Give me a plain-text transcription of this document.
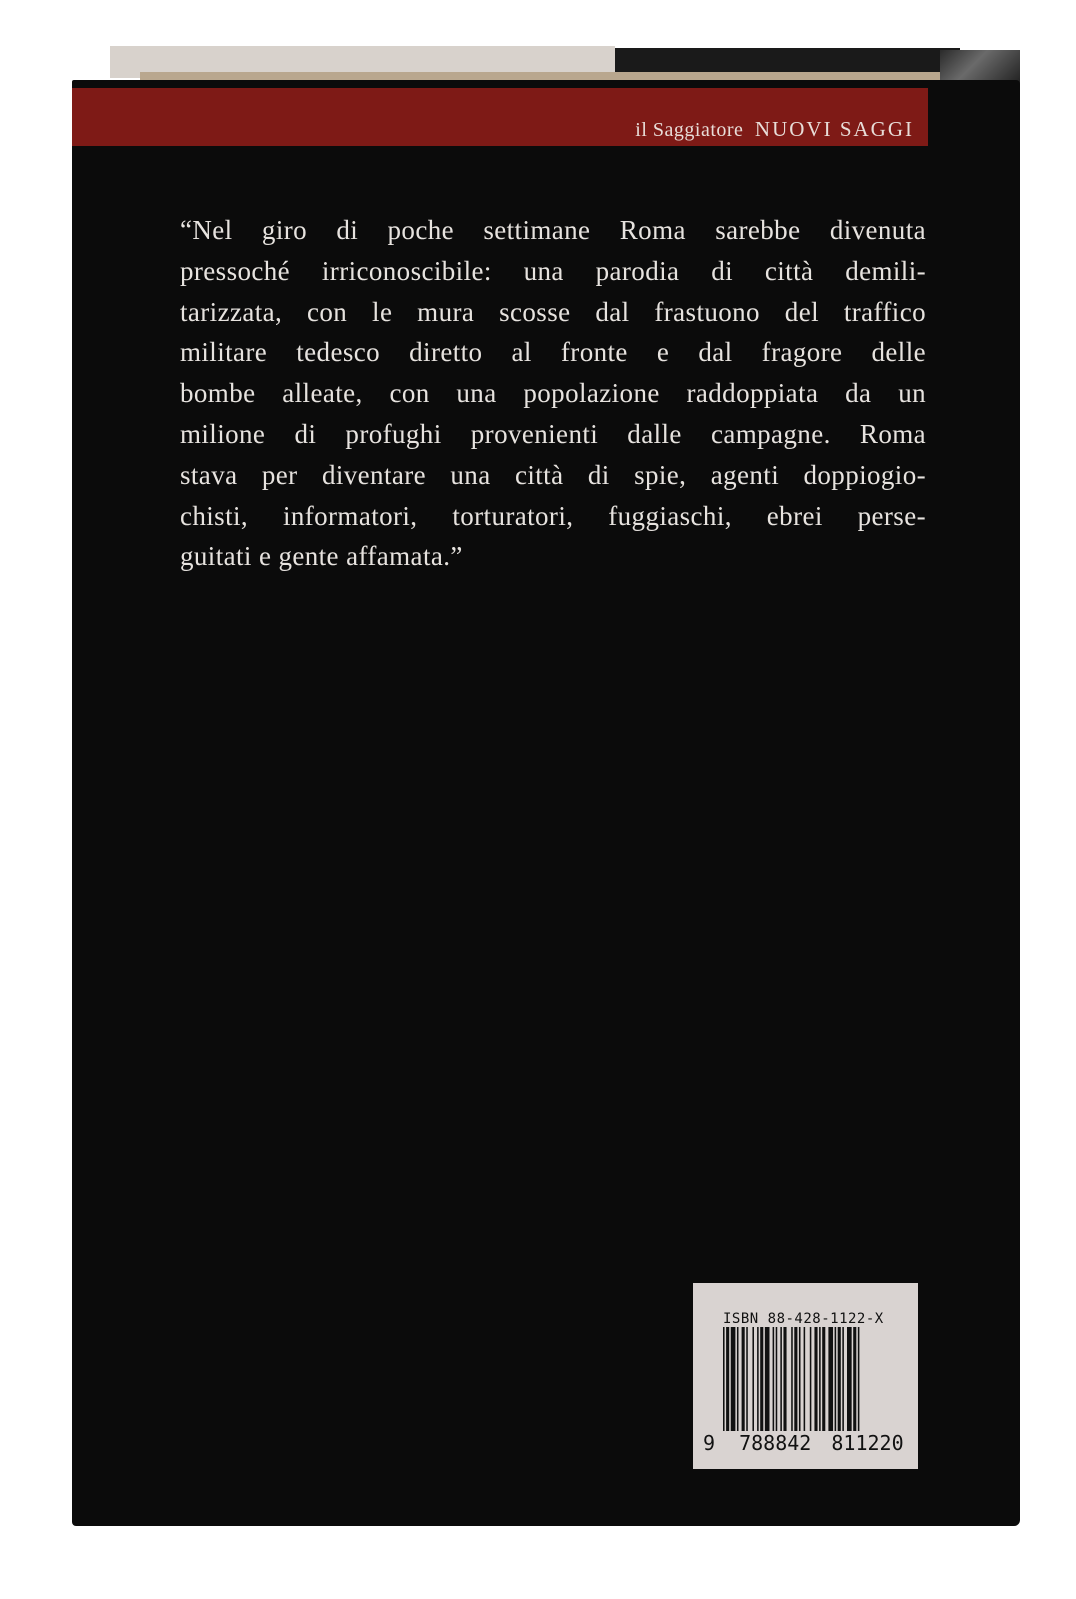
il Saggiatore NUOVI SAGGI
“Nel giro di poche settimane Roma sarebbe divenuta
pressoché irriconoscibile: una parodia di città demili-
tarizzata, con le mura scosse dal frastuono del traffico
militare tedesco diretto al fronte e dal fragore delle
bombe alleate, con una popolazione raddoppiata da un
milione di profughi provenienti dalle campagne. Roma
stava per diventare una città di spie, agenti doppiogio-
chisti, informatori, torturatori, fuggiaschi, ebrei perse-
guitati e gente affamata.”
ISBN 88-428-1122-X
9 788842 811220
